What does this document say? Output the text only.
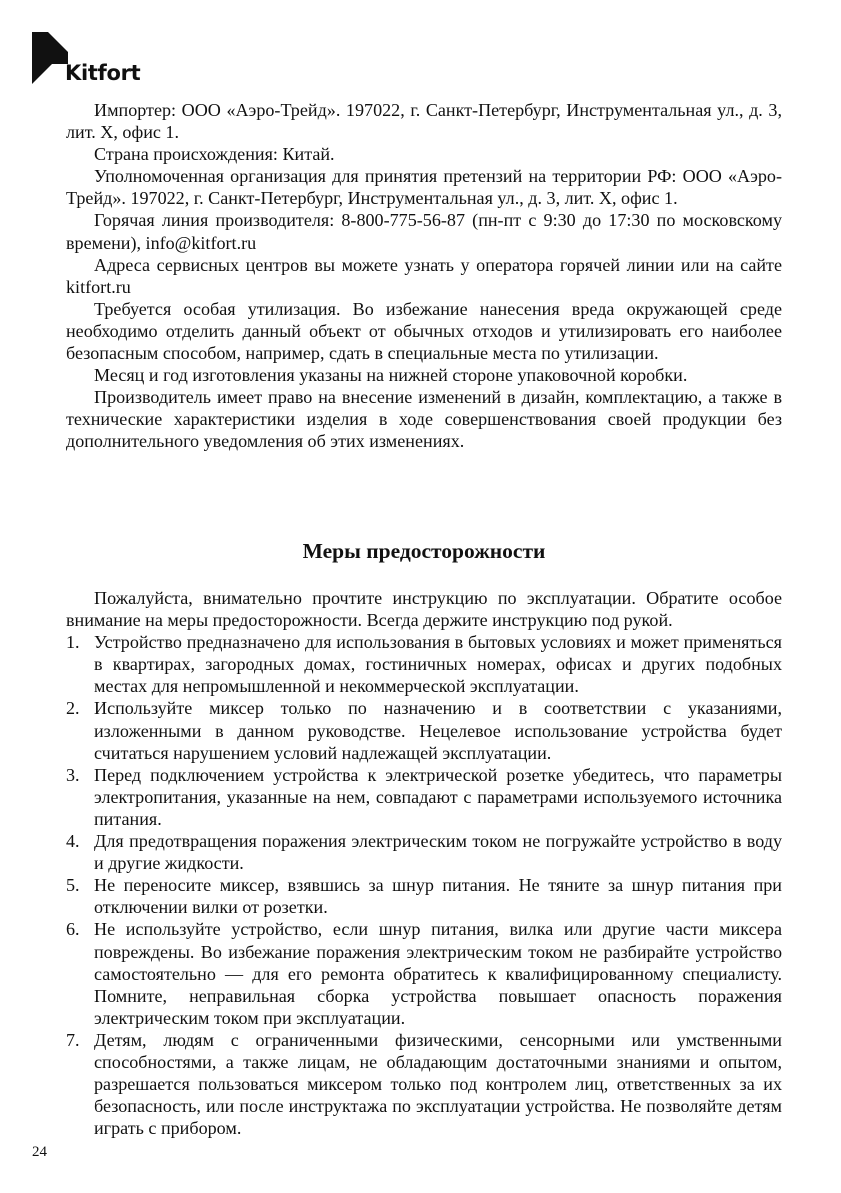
Kitfort

Импортер: ООО «Аэро-Трейд». 197022, г. Санкт-Петербург, Инструментальная ул., д. 3, лит. Х, офис 1.

Страна происхождения: Китай.

Уполномоченная организация для принятия претензий на территории РФ: ООО «Аэро-Трейд». 197022, г. Санкт-Петербург, Инструментальная ул., д. 3, лит. Х, офис 1.

Горячая линия производителя: 8-800-775-56-87 (пн-пт с 9:30 до 17:30 по московскому времени), info@kitfort.ru

Адреса сервисных центров вы можете узнать у оператора горячей линии или на сайте kitfort.ru

Требуется особая утилизация. Во избежание нанесения вреда окружающей среде необходимо отделить данный объект от обычных отходов и утилизировать его наиболее безопасным способом, например, сдать в специальные места по утилизации.

Месяц и год изготовления указаны на нижней стороне упаковочной коробки.

Производитель имеет право на внесение изменений в дизайн, комплектацию, а также в технические характеристики изделия в ходе совершенствования своей продукции без дополнительного уведомления об этих изменениях.

Меры предосторожности

Пожалуйста, внимательно прочтите инструкцию по эксплуатации. Обратите особое внимание на меры предосторожности. Всегда держите инструкцию под рукой.

1. Устройство предназначено для использования в бытовых условиях и может применяться в квартирах, загородных домах, гостиничных номерах, офисах и других подобных местах для непромышленной и некоммерческой эксплуатации.
2. Используйте миксер только по назначению и в соответствии с указаниями, изложенными в данном руководстве. Нецелевое использование устройства будет считаться нарушением условий надлежащей эксплуатации.
3. Перед подключением устройства к электрической розетке убедитесь, что параметры электропитания, указанные на нем, совпадают с параметрами используемого источника питания.
4. Для предотвращения поражения электрическим током не погружайте устройство в воду и другие жидкости.
5. Не переносите миксер, взявшись за шнур питания. Не тяните за шнур питания при отключении вилки от розетки.
6. Не используйте устройство, если шнур питания, вилка или другие части миксера повреждены. Во избежание поражения электрическим током не разбирайте устройство самостоятельно — для его ремонта обратитесь к квалифицированному специалисту. Помните, неправильная сборка устройства повышает опасность поражения электрическим током при эксплуатации.
7. Детям, людям с ограниченными физическими, сенсорными или умственными способностями, а также лицам, не обладающим достаточными знаниями и опытом, разрешается пользоваться миксером только под контролем лиц, ответственных за их безопасность, или после инструктажа по эксплуатации устройства. Не позволяйте детям играть с прибором.
24
